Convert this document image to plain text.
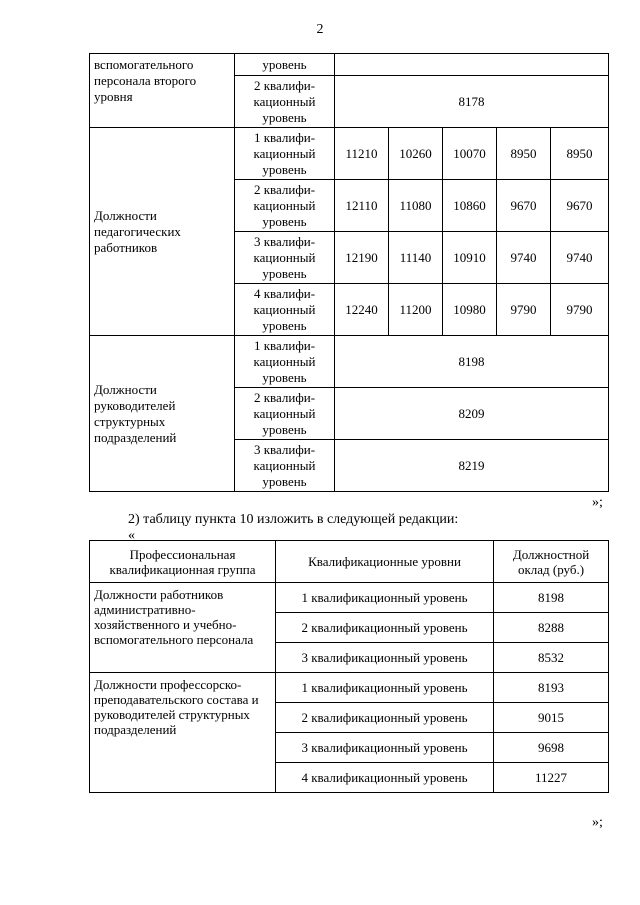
2
вспомогательного персонала второго уровня	уровень					
	2 квалифи-кационный уровень	8178				
Должности педагогических работников	1 квалифи-кационный уровень	11210	10260	10070	8950	8950
	2 квалифи-кационный уровень	12110	11080	10860	9670	9670
	3 квалифи-кационный уровень	12190	11140	10910	9740	9740
	4 квалифи-кационный уровень	12240	11200	10980	9790	9790
Должности руководителей структурных подразделений	1 квалифи-кационный уровень	8198				
	2 квалифи-кационный уровень	8209				
	3 квалифи-кационный уровень	8219				
»;
2) таблицу пункта 10 изложить в следующей редакции:
«
Профессиональная квалификационная группа	Квалификационные уровни	Должностной оклад (руб.)
Должности работников административно-хозяйственного и учебно-вспомогательного персонала	1 квалификационный уровень	8198
	2 квалификационный уровень	8288
	3 квалификационный уровень	8532
Должности профессорско-преподавательского состава и руководителей структурных подразделений	1 квалификационный уровень	8193
	2 квалификационный уровень	9015
	3 квалификационный уровень	9698
	4 квалификационный уровень	11227
»;
